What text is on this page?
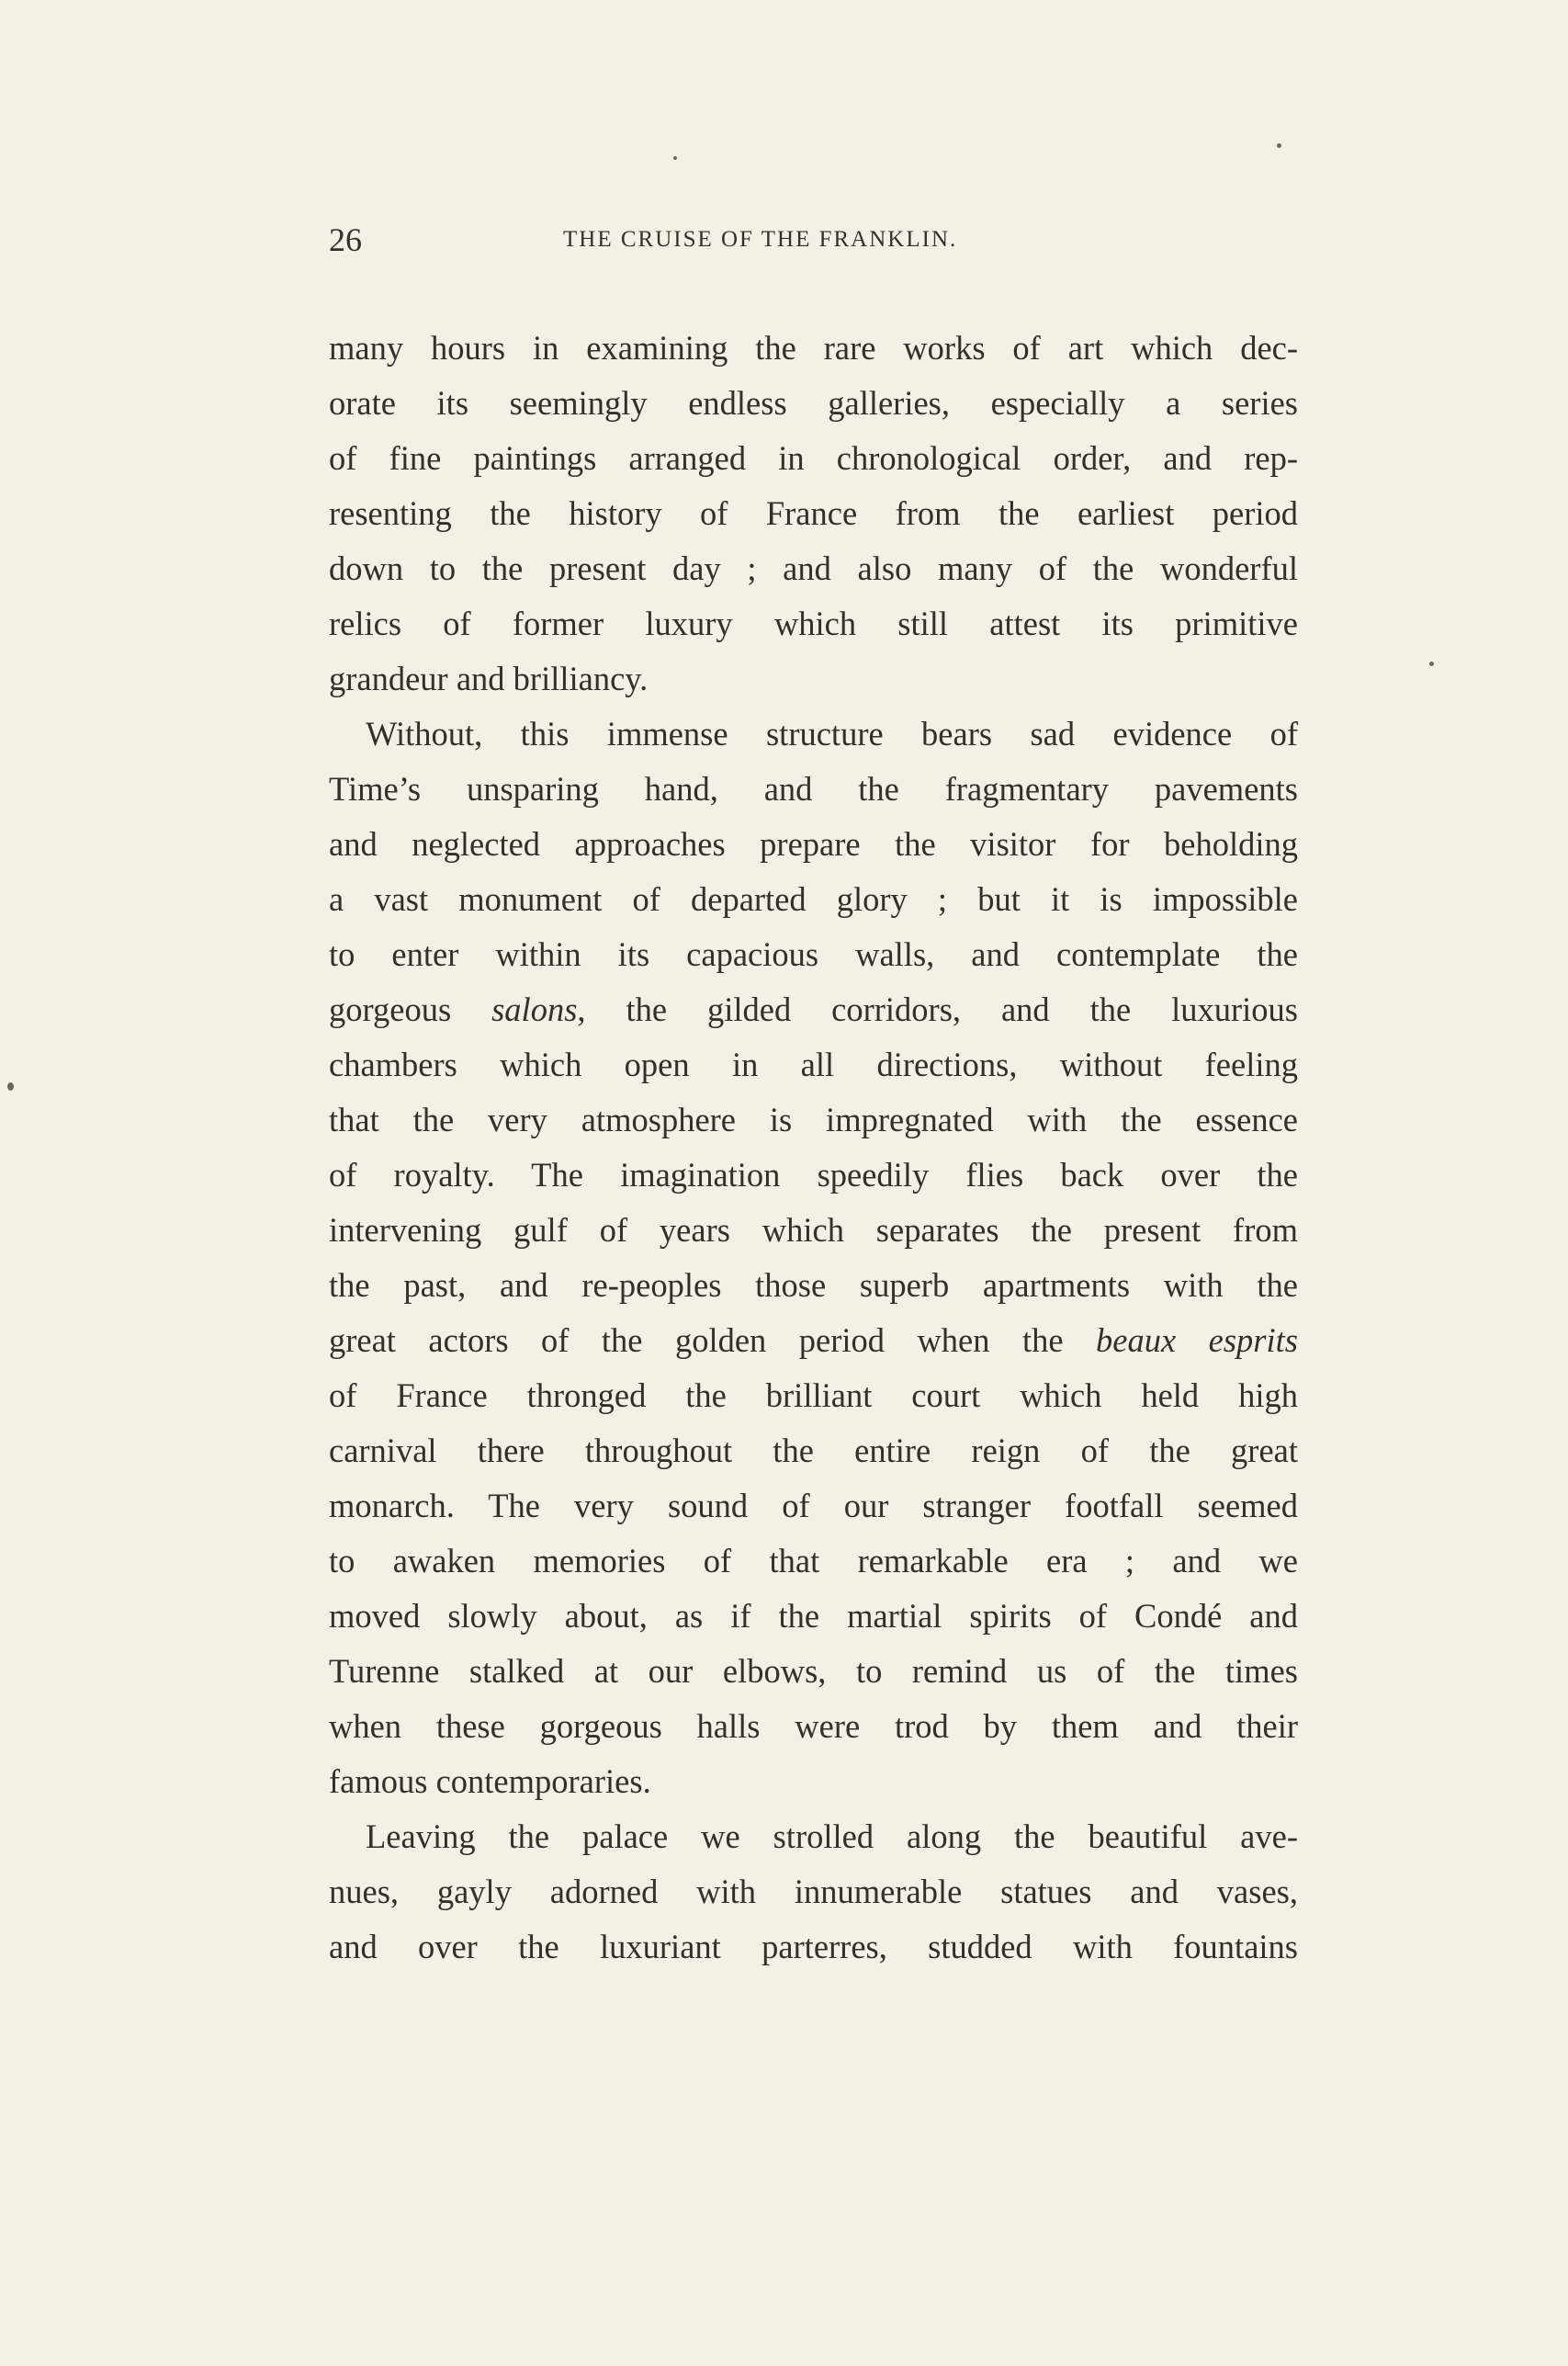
26	THE CRUISE OF THE FRANKLIN.

many hours in examining the rare works of art which dec-
orate its seemingly endless galleries, especially a series
of fine paintings arranged in chronological order, and rep-
resenting the history of France from the earliest period
down to the present day ; and also many of the wonderful
relics of former luxury which still attest its primitive
grandeur and brilliancy.

Without, this immense structure bears sad evidence of
Time’s unsparing hand, and the fragmentary pavements
and neglected approaches prepare the visitor for beholding
a vast monument of departed glory ; but it is impossible
to enter within its capacious walls, and contemplate the
gorgeous salons, the gilded corridors, and the luxurious
chambers which open in all directions, without feeling
that the very atmosphere is impregnated with the essence
of royalty. The imagination speedily flies back over the
intervening gulf of years which separates the present from
the past, and re-peoples those superb apartments with the
great actors of the golden period when the beaux esprits
of France thronged the brilliant court which held high
carnival there throughout the entire reign of the great
monarch. The very sound of our stranger footfall seemed
to awaken memories of that remarkable era ; and we
moved slowly about, as if the martial spirits of Condé and
Turenne stalked at our elbows, to remind us of the times
when these gorgeous halls were trod by them and their
famous contemporaries.

Leaving the palace we strolled along the beautiful ave-
nues, gayly adorned with innumerable statues and vases,
and over the luxuriant parterres, studded with fountains
